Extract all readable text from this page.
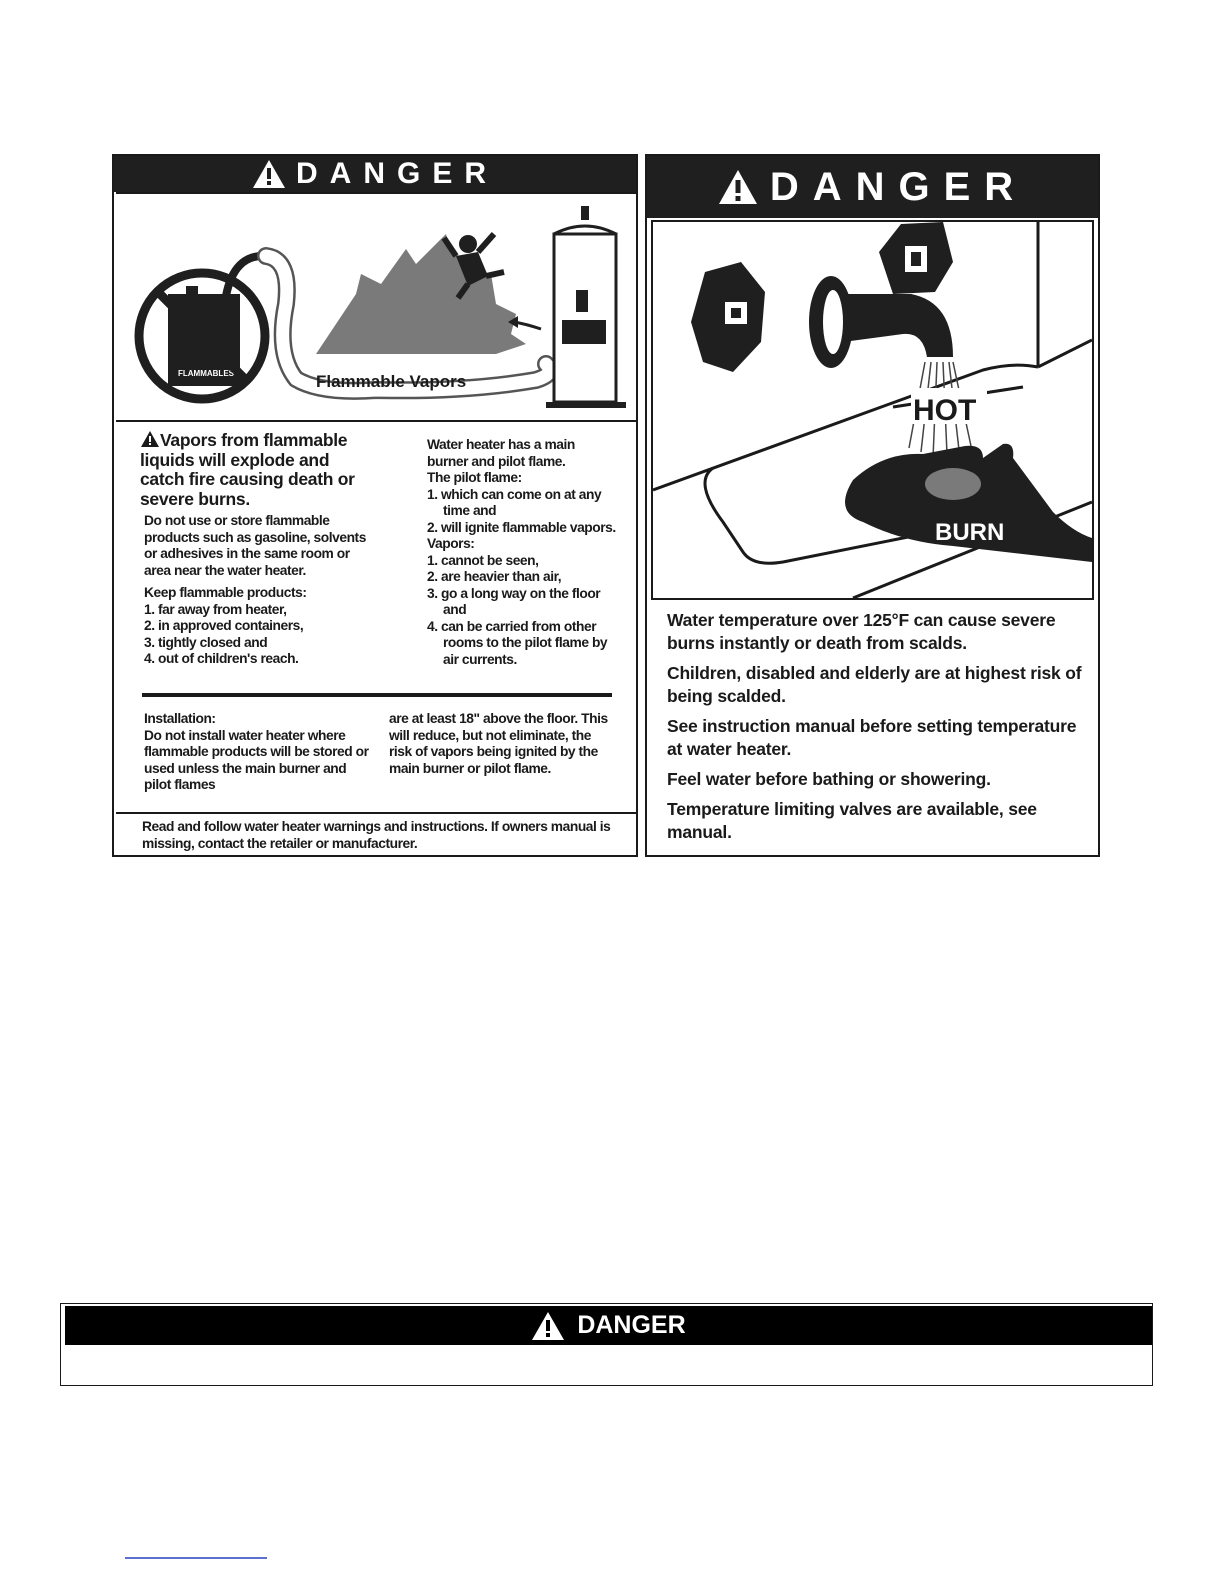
DANGER
FLAMMABLES	Flammable Vapors
Vapors from flammable liquids will explode and catch fire causing death or severe burns.

Do not use or store flammable products such as gasoline, solvents or adhesives in the same room or area near the water heater.

Keep flammable products:

1. far away from heater,
2. in approved containers,
3. tightly closed and
4. out of children's reach.

Water heater has a main burner and pilot flame.

The pilot flame:

1. which can come on at any time and
2. will ignite flammable vapors.

Vapors:

1. cannot be seen,
2. are heavier than air,
3. go a long way on the floor and
4. can be carried from other rooms to the pilot flame by air currents.

Installation:

Do not install water heater where flammable products will be stored or used unless the main burner and pilot flames

are at least 18" above the floor. This will reduce, but not eliminate, the risk of vapors being ignited by the main burner or pilot flame.

Read and follow water heater warnings and instructions. If owners manual is missing, contact the retailer or manufacturer.
DANGER
HOT
BURN

Water temperature over 125°F can cause severe burns instantly or death from scalds.

Children, disabled and elderly are at highest risk of being scalded.

See instruction manual before setting temperature at water heater.

Feel water before bathing or showering.

Temperature limiting valves are available, see manual.

DANGER
